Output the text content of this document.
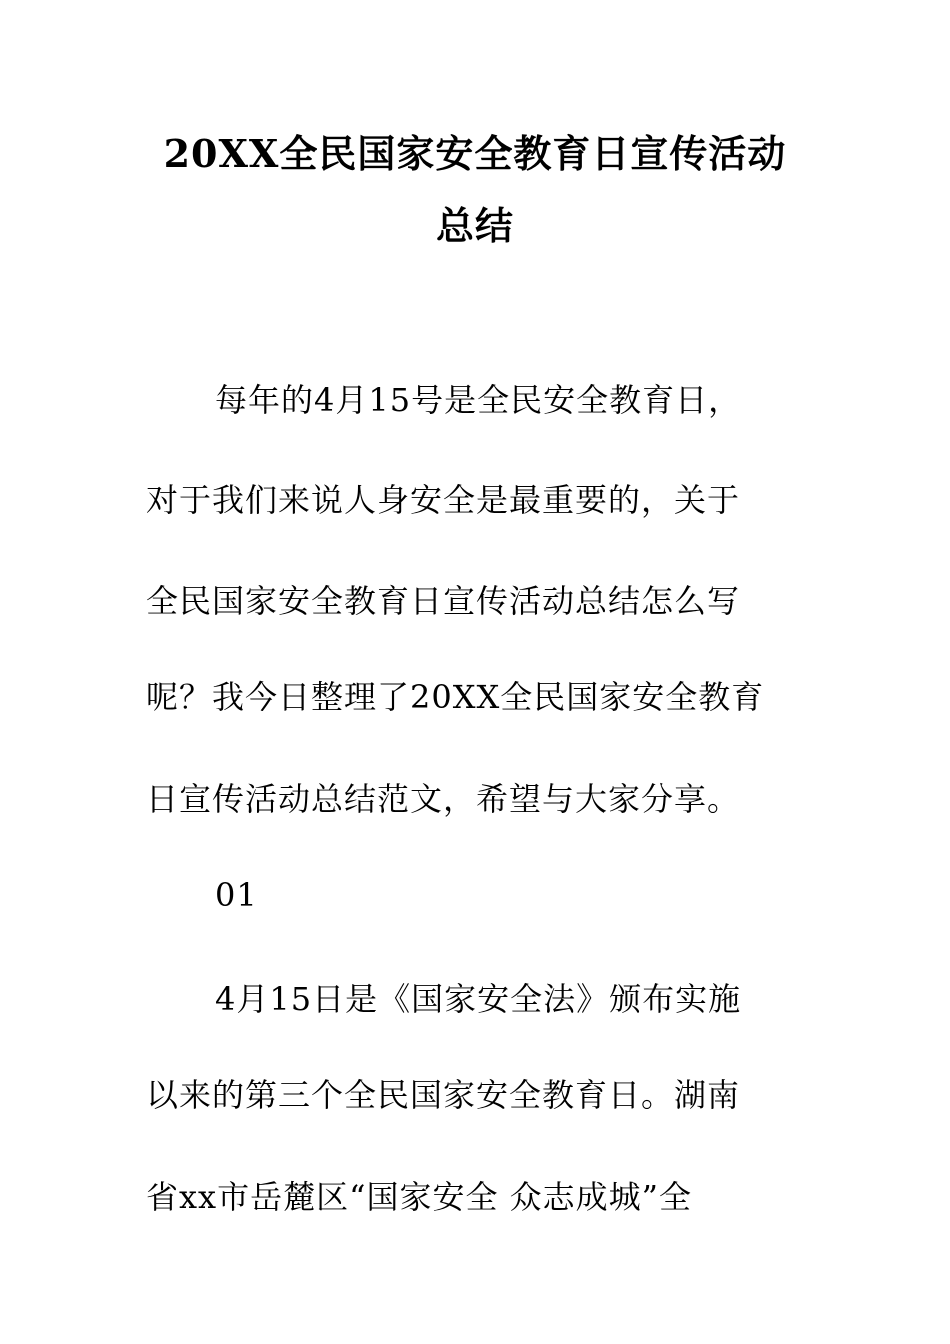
20XX全民国家安全教育日宣传活动
总结
每年的4月15号是全民安全教育日，
对于我们来说人身安全是最重要的，关于
全民国家安全教育日宣传活动总结怎么写
呢？我今日整理了20XX全民国家安全教育
日宣传活动总结范文，希望与大家分享。
01
4月15日是《国家安全法》颁布实施
以来的第三个全民国家安全教育日。湖南
省xx市岳麓区“国家安全 众志成城”全
